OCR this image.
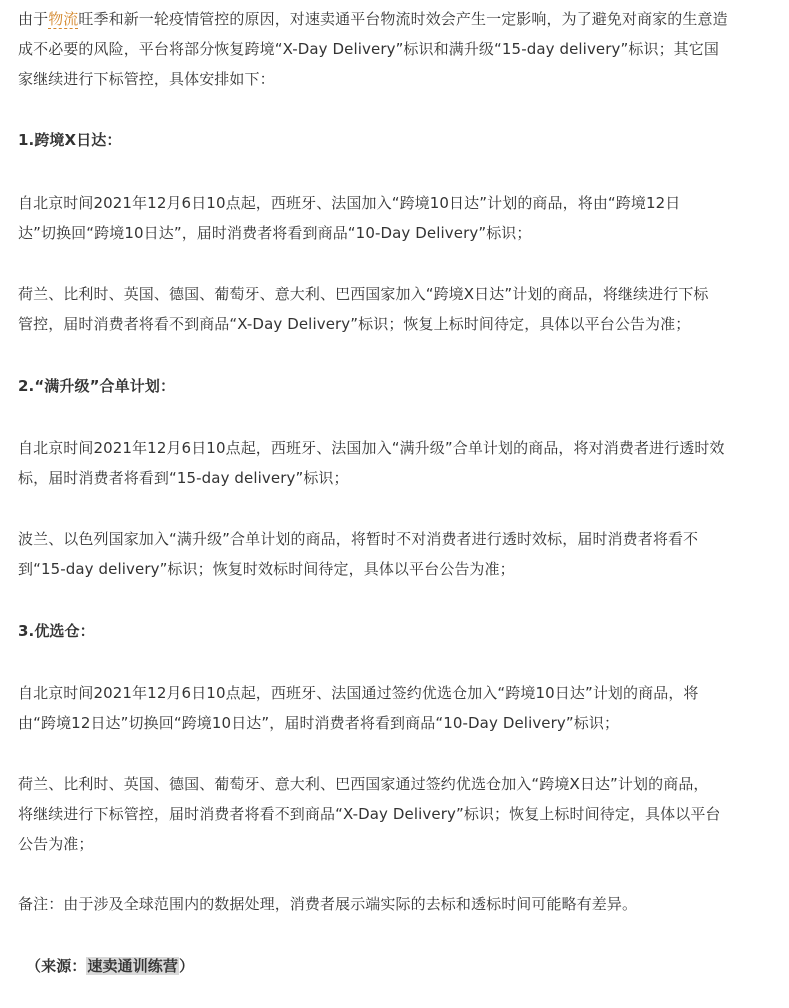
由于物流旺季和新一轮疫情管控的原因，对速卖通平台物流时效会产生一定影响，为了避免对商家的生意造
成不必要的风险，平台将部分恢复跨境“X-Day Delivery”标识和满升级“15-day delivery”标识；其它国
家继续进行下标管控，具体安排如下：
1.跨境X日达：
自北京时间2021年12月6日10点起，西班牙、法国加入“跨境10日达”计划的商品，将由“跨境12日
达”切换回“跨境10日达”，届时消费者将看到商品“10-Day Delivery”标识；
荷兰、比利时、英国、德国、葡萄牙、意大利、巴西国家加入“跨境X日达”计划的商品，将继续进行下标
管控，届时消费者将看不到商品“X-Day Delivery”标识；恢复上标时间待定，具体以平台公告为准；
2.“满升级”合单计划：
自北京时间2021年12月6日10点起，西班牙、法国加入“满升级”合单计划的商品，将对消费者进行透时效
标，届时消费者将看到“15-day delivery”标识；
波兰、以色列国家加入“满升级”合单计划的商品，将暂时不对消费者进行透时效标，届时消费者将看不
到“15-day delivery”标识；恢复时效标时间待定，具体以平台公告为准；
3.优选仓：
自北京时间2021年12月6日10点起，西班牙、法国通过签约优选仓加入“跨境10日达”计划的商品，将
由“跨境12日达”切换回“跨境10日达”，届时消费者将看到商品“10-Day Delivery”标识；
荷兰、比利时、英国、德国、葡萄牙、意大利、巴西国家通过签约优选仓加入“跨境X日达”计划的商品，
将继续进行下标管控，届时消费者将看不到商品“X-Day Delivery”标识；恢复上标时间待定，具体以平台
公告为准；
备注：由于涉及全球范围内的数据处理，消费者展示端实际的去标和透标时间可能略有差异。
（来源：速卖通训练营）
